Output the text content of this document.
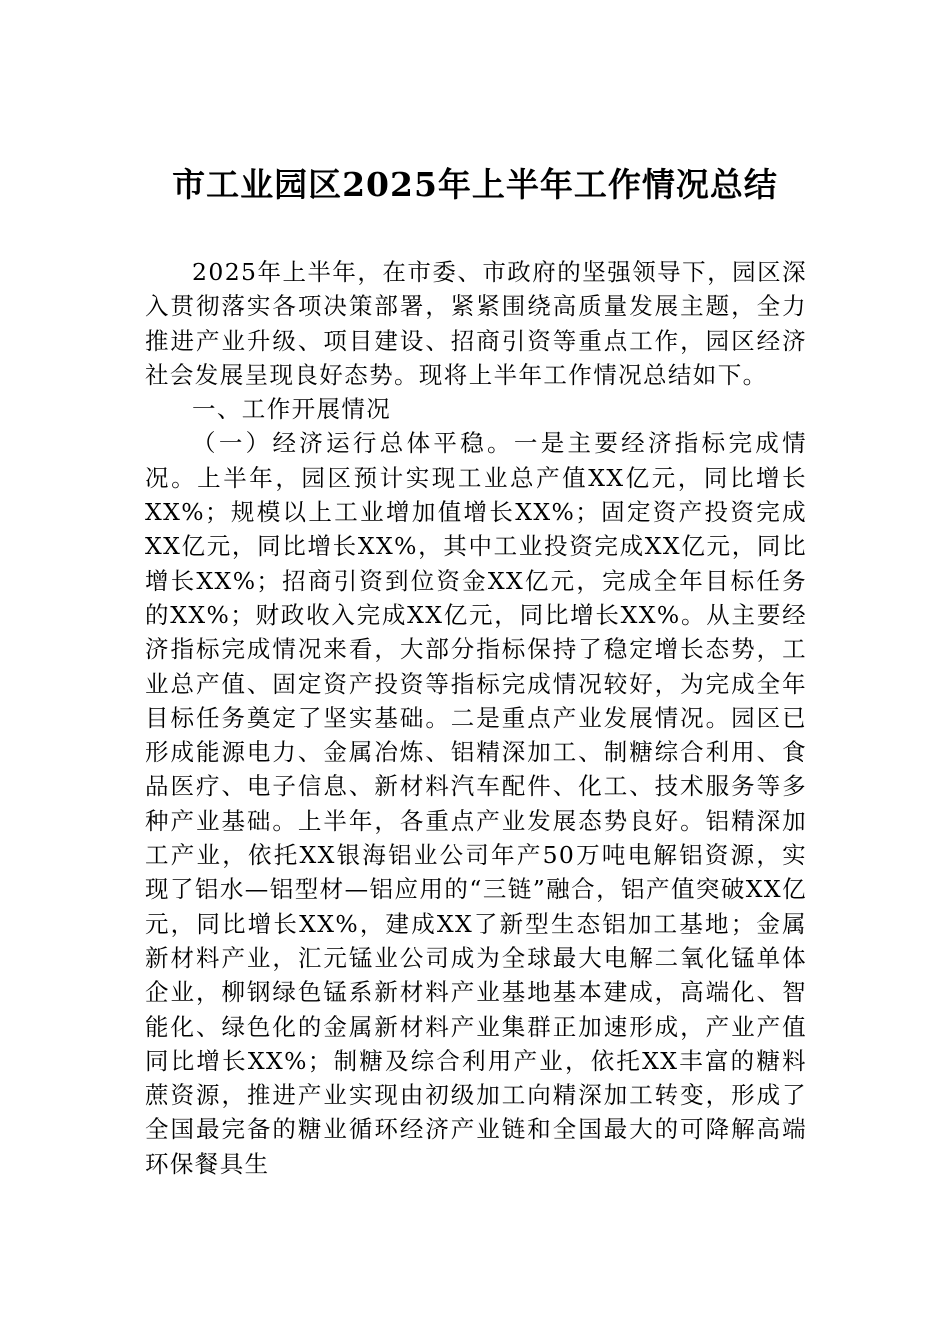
市工业园区2025年上半年工作情况总结

2025年上半年，在市委、市政府的坚强领导下，园区深入贯彻落实各项决策部署，紧紧围绕高质量发展主题，全力推进产业升级、项目建设、招商引资等重点工作，园区经济社会发展呈现良好态势。现将上半年工作情况总结如下。

一、工作开展情况

（一）经济运行总体平稳。一是主要经济指标完成情况。上半年，园区预计实现工业总产值XX亿元，同比增长XX%；规模以上工业增加值增长XX%；固定资产投资完成XX亿元，同比增长XX%，其中工业投资完成XX亿元，同比增长XX%；招商引资到位资金XX亿元，完成全年目标任务的XX%；财政收入完成XX亿元，同比增长XX%。从主要经济指标完成情况来看，大部分指标保持了稳定增长态势，工业总产值、固定资产投资等指标完成情况较好，为完成全年目标任务奠定了坚实基础。二是重点产业发展情况。园区已形成能源电力、金属冶炼、铝精深加工、制糖综合利用、食品医疗、电子信息、新材料汽车配件、化工、技术服务等多种产业基础。上半年，各重点产业发展态势良好。铝精深加工产业，依托XX银海铝业公司年产50万吨电解铝资源，实现了铝水—铝型材—铝应用的“三链”融合，铝产值突破XX亿元，同比增长XX%，建成XX了新型生态铝加工基地；金属新材料产业，汇元锰业公司成为全球最大电解二氧化锰单体企业，柳钢绿色锰系新材料产业基地基本建成，高端化、智能化、绿色化的金属新材料产业集群正加速形成，产业产值同比增长XX%；制糖及综合利用产业，依托XX丰富的糖料蔗资源，推进产业实现由初级加工向精深加工转变，形成了全国最完备的糖业循环经济产业链和全国最大的可降解高端环保餐具生
